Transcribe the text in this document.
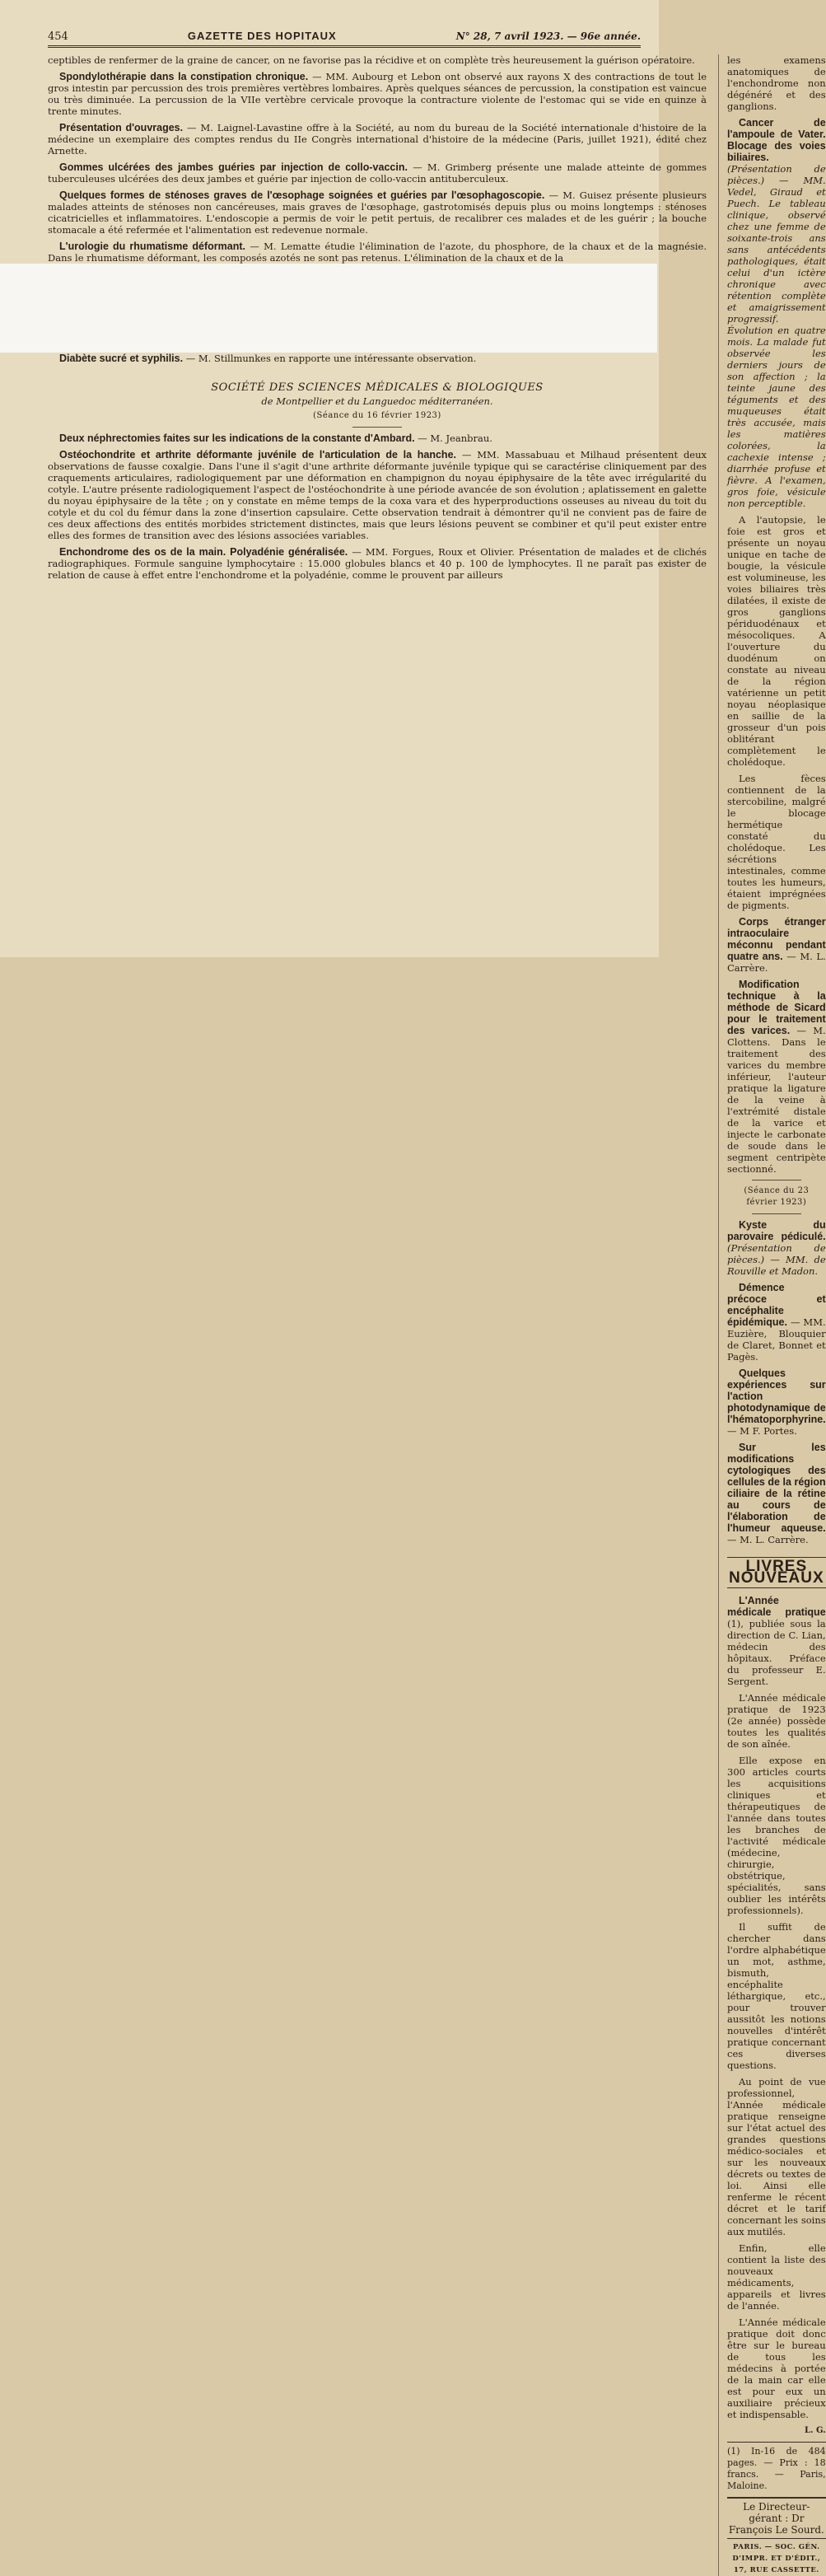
454	GAZETTE DES HOPITAUX	N° 28, 7 avril 1923. — 96e année.

ceptibles de renfermer de la graine de cancer, on ne favorise pas la récidive et on complète très heureusement la guérison opératoire.

Spondylothérapie dans la constipation chronique. — MM. Aubourg et Lebon ont observé aux rayons X des contractions de tout le gros intestin par percussion des trois premières vertèbres lombaires. Après quelques séances de percussion, la constipation est vaincue ou très diminuée. La percussion de la VIIe vertèbre cervicale provoque la contracture violente de l'estomac qui se vide en quinze à trente minutes.

Présentation d'ouvrages. — M. Laignel-Lavastine offre à la Société, au nom du bureau de la Société internationale d'histoire de la médecine un exemplaire des comptes rendus du IIe Congrès international d'histoire de la médecine (Paris, juillet 1921), édité chez Arnette.

Gommes ulcérées des jambes guéries par injection de collo-vaccin. — M. Grimberg présente une malade atteinte de gommes tuberculeuses ulcérées des deux jambes et guérie par injection de collo-vaccin antituberculeux.

Quelques formes de sténoses graves de l'œsophage soignées et guéries par l'œsophagoscopie. — M. Guisez présente plusieurs malades atteints de sténoses non cancéreuses, mais graves de l'œsophage, gastrotomisés depuis plus ou moins longtemps : sténoses cicatricielles et inflammatoires. L'endoscopie a permis de voir le petit pertuis, de recalibrer ces malades et de les guérir ; la bouche stomacale a été refermée et l'alimentation est redevenue normale.

L'urologie du rhumatisme déformant. — M. Lematte étudie l'élimination de l'azote, du phosphore, de la chaux et de la magnésie. Dans le rhumatisme déformant, les composés azotés ne sont pas retenus. L'élimination de la chaux et de la

Diabète sucré et syphilis. — M. Stillmunkes en rapporte une intéressante observation.

SOCIÉTÉ DES SCIENCES MÉDICALES & BIOLOGIQUES
de Montpellier et du Languedoc méditerranéen.
(Séance du 16 février 1923)

Deux néphrectomies faites sur les indications de la constante d'Ambard. — M. Jeanbrau.

Ostéochondrite et arthrite déformante juvénile de l'articulation de la hanche. — MM. Massabuau et Milhaud présentent deux observations de fausse coxalgie. Dans l'une il s'agit d'une arthrite déformante juvénile typique qui se caractérise cliniquement par des craquements articulaires, radiologiquement par une déformation en champignon du noyau épiphysaire de la tête avec irrégularité du cotyle. L'autre présente radiologiquement l'aspect de l'ostéochondrite à une période avancée de son évolution ; aplatissement en galette du noyau épiphysaire de la tête ; on y constate en même temps de la coxa vara et des hyperproductions osseuses au niveau du toit du cotyle et du col du fémur dans la zone d'insertion capsulaire. Cette observation tendrait à démontrer qu'il ne convient pas de faire de ces deux affections des entités morbides strictement distinctes, mais que leurs lésions peuvent se combiner et qu'il peut exister entre elles des formes de transition avec des lésions associées variables.

Enchondrome des os de la main. Polyadénie généralisée. — MM. Forgues, Roux et Olivier. Présentation de malades et de clichés radiographiques. Formule sanguine lymphocytaire : 15.000 globules blancs et 40 p. 100 de lymphocytes. Il ne paraît pas exister de relation de cause à effet entre l'enchondrome et la polyadénie, comme le prouvent par ailleurs

les examens anatomiques de l'enchondrome non dégénéré et des ganglions.

Cancer de l'ampoule de Vater. Blocage des voies biliaires. (Présentation de pièces.) — MM. Vedel, Giraud et Puech. Le tableau clinique, observé chez une femme de soixante-trois ans sans antécédents pathologiques, était celui d'un ictère chronique avec rétention complète et amaigrissement progressif. Évolution en quatre mois. La malade fut observée les derniers jours de son affection ; la teinte jaune des téguments et des muqueuses était très accusée, mais les matières colorées, la cachexie intense ; diarrhée profuse et fièvre. A l'examen, gros foie, vésicule non perceptible.

A l'autopsie, le foie est gros et présente un noyau unique en tache de bougie, la vésicule est volumineuse, les voies biliaires très dilatées, il existe de gros ganglions périduodénaux et mésocoliques. A l'ouverture du duodénum on constate au niveau de la région vatérienne un petit noyau néoplasique en saillie de la grosseur d'un pois oblitérant complètement le cholédoque.

Les fèces contiennent de la stercobiline, malgré le blocage hermétique constaté du cholédoque. Les sécrétions intestinales, comme toutes les humeurs, étaient imprégnées de pigments.

Corps étranger intraoculaire méconnu pendant quatre ans. — M. L. Carrère.

Modification technique à la méthode de Sicard pour le traitement des varices. — M. Clottens. Dans le traitement des varices du membre inférieur, l'auteur pratique la ligature de la veine à l'extrémité distale de la varice et injecte le carbonate de soude dans le segment centripète sectionné.

(Séance du 23 février 1923)

Kyste du parovaire pédiculé. (Présentation de pièces.) — MM. de Rouville et Madon.

Démence précoce et encéphalite épidémique. — MM. Euzière, Blouquier de Claret, Bonnet et Pagès.

Quelques expériences sur l'action photodynamique de l'hématoporphyrine. — M F. Portes.

Sur les modifications cytologiques des cellules de la région ciliaire de la rétine au cours de l'élaboration de l'humeur aqueuse. — M. L. Carrère.

LIVRES NOUVEAUX

L'Année médicale pratique (1), publiée sous la direction de C. Lian, médecin des hôpitaux. Préface du professeur E. Sergent.

L'Année médicale pratique de 1923 (2e année) possède toutes les qualités de son aînée.

Elle expose en 300 articles courts les acquisitions cliniques et thérapeutiques de l'année dans toutes les branches de l'activité médicale (médecine, chirurgie, obstétrique, spécialités, sans oublier les intérêts professionnels).

Il suffit de chercher dans l'ordre alphabétique un mot, asthme, bismuth, encéphalite léthargique, etc., pour trouver aussitôt les notions nouvelles d'intérêt pratique concernant ces diverses questions.

Au point de vue professionnel, l'Année médicale pratique renseigne sur l'état actuel des grandes questions médico-sociales et sur les nouveaux décrets ou textes de loi. Ainsi elle renferme le récent décret et le tarif concernant les soins aux mutilés.

Enfin, elle contient la liste des nouveaux médicaments, appareils et livres de l'année.

L'Année médicale pratique doit donc être sur le bureau de tous les médecins à portée de la main car elle est pour eux un auxiliaire précieux et indispensable.

L. G.
(1) In-16 de 484 pages. — Prix : 18 francs. — Paris, Maloine.
Le Directeur-gérant : Dr François Le Sourd.
PARIS. — SOC. GÉN. D'IMPR. ET D'ÉDIT., 17, RUE CASSETTE.
